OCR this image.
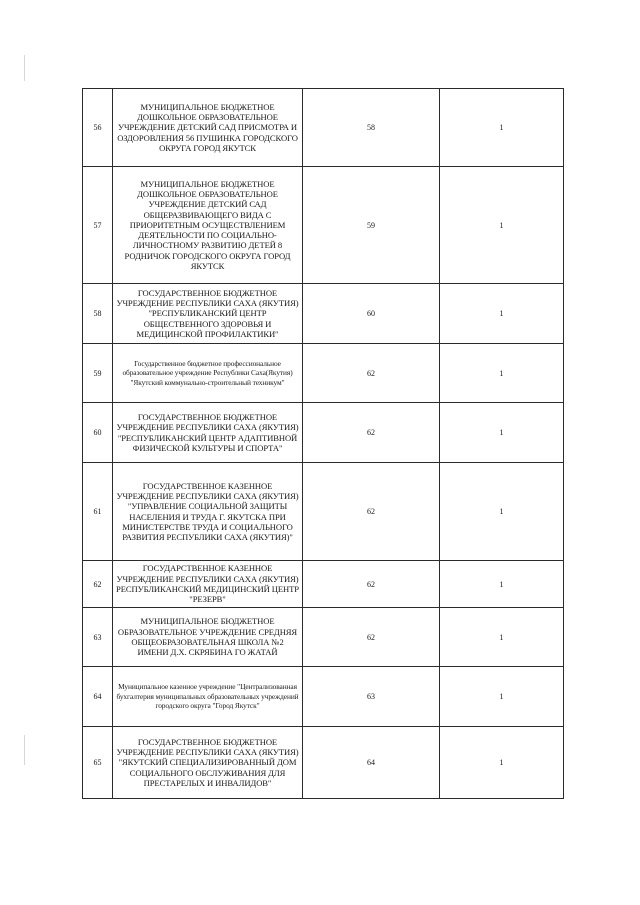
56	МУНИЦИПАЛЬНОЕ БЮДЖЕТНОЕ ДОШКОЛЬНОЕ ОБРАЗОВАТЕЛЬНОЕ УЧРЕЖДЕНИЕ ДЕТСКИЙ САД ПРИСМОТРА И ОЗДОРОВЛЕНИЯ 56 ПУШИНКА ГОРОДСКОГО ОКРУГА ГОРОД ЯКУТСК	58	1
57	МУНИЦИПАЛЬНОЕ БЮДЖЕТНОЕ ДОШКОЛЬНОЕ ОБРАЗОВАТЕЛЬНОЕ УЧРЕЖДЕНИЕ ДЕТСКИЙ САД ОБЩЕРАЗВИВАЮЩЕГО ВИДА С ПРИОРИТЕТНЫМ ОСУЩЕСТВЛЕНИЕМ ДЕЯТЕЛЬНОСТИ ПО СОЦИАЛЬНО-ЛИЧНОСТНОМУ РАЗВИТИЮ ДЕТЕЙ 8 РОДНИЧОК ГОРОДСКОГО ОКРУГА ГОРОД ЯКУТСК	59	1
58	ГОСУДАРСТВЕННОЕ БЮДЖЕТНОЕ УЧРЕЖДЕНИЕ РЕСПУБЛИКИ САХА (ЯКУТИЯ) "РЕСПУБЛИКАНСКИЙ ЦЕНТР ОБЩЕСТВЕННОГО ЗДОРОВЬЯ И МЕДИЦИНСКОЙ ПРОФИЛАКТИКИ"	60	1
59	Государственное бюджетное профессиональное образовательное учреждение Республики Саха(Якутия) "Якутский коммунально-строительный техникум"	62	1
60	ГОСУДАРСТВЕННОЕ БЮДЖЕТНОЕ УЧРЕЖДЕНИЕ РЕСПУБЛИКИ САХА (ЯКУТИЯ) "РЕСПУБЛИКАНСКИЙ ЦЕНТР АДАПТИВНОЙ ФИЗИЧЕСКОЙ КУЛЬТУРЫ И СПОРТА"	62	1
61	ГОСУДАРСТВЕННОЕ КАЗЕННОЕ УЧРЕЖДЕНИЕ РЕСПУБЛИКИ САХА (ЯКУТИЯ) "УПРАВЛЕНИЕ СОЦИАЛЬНОЙ ЗАЩИТЫ НАСЕЛЕНИЯ И ТРУДА Г. ЯКУТСКА ПРИ МИНИСТЕРСТВЕ ТРУДА И СОЦИАЛЬНОГО РАЗВИТИЯ РЕСПУБЛИКИ САХА (ЯКУТИЯ)"	62	1
62	ГОСУДАРСТВЕННОЕ КАЗЕННОЕ УЧРЕЖДЕНИЕ РЕСПУБЛИКИ САХА (ЯКУТИЯ) РЕСПУБЛИКАНСКИЙ МЕДИЦИНСКИЙ ЦЕНТР "РЕЗЕРВ"	62	1
63	МУНИЦИПАЛЬНОЕ БЮДЖЕТНОЕ ОБРАЗОВАТЕЛЬНОЕ УЧРЕЖДЕНИЕ СРЕДНЯЯ ОБЩЕОБРАЗОВАТЕЛЬНАЯ ШКОЛА №2 ИМЕНИ Д.Х. СКРЯБИНА ГО ЖАТАЙ	62	1
64	Муниципальное казенное учреждение "Централизованная бухгалтерия муниципальных образовательных учреждений городского округа "Город Якутск"	63	1
65	ГОСУДАРСТВЕННОЕ БЮДЖЕТНОЕ УЧРЕЖДЕНИЕ РЕСПУБЛИКИ САХА (ЯКУТИЯ) "ЯКУТСКИЙ СПЕЦИАЛИЗИРОВАННЫЙ ДОМ СОЦИАЛЬНОГО ОБСЛУЖИВАНИЯ ДЛЯ ПРЕСТАРЕЛЫХ И ИНВАЛИДОВ"	64	1
